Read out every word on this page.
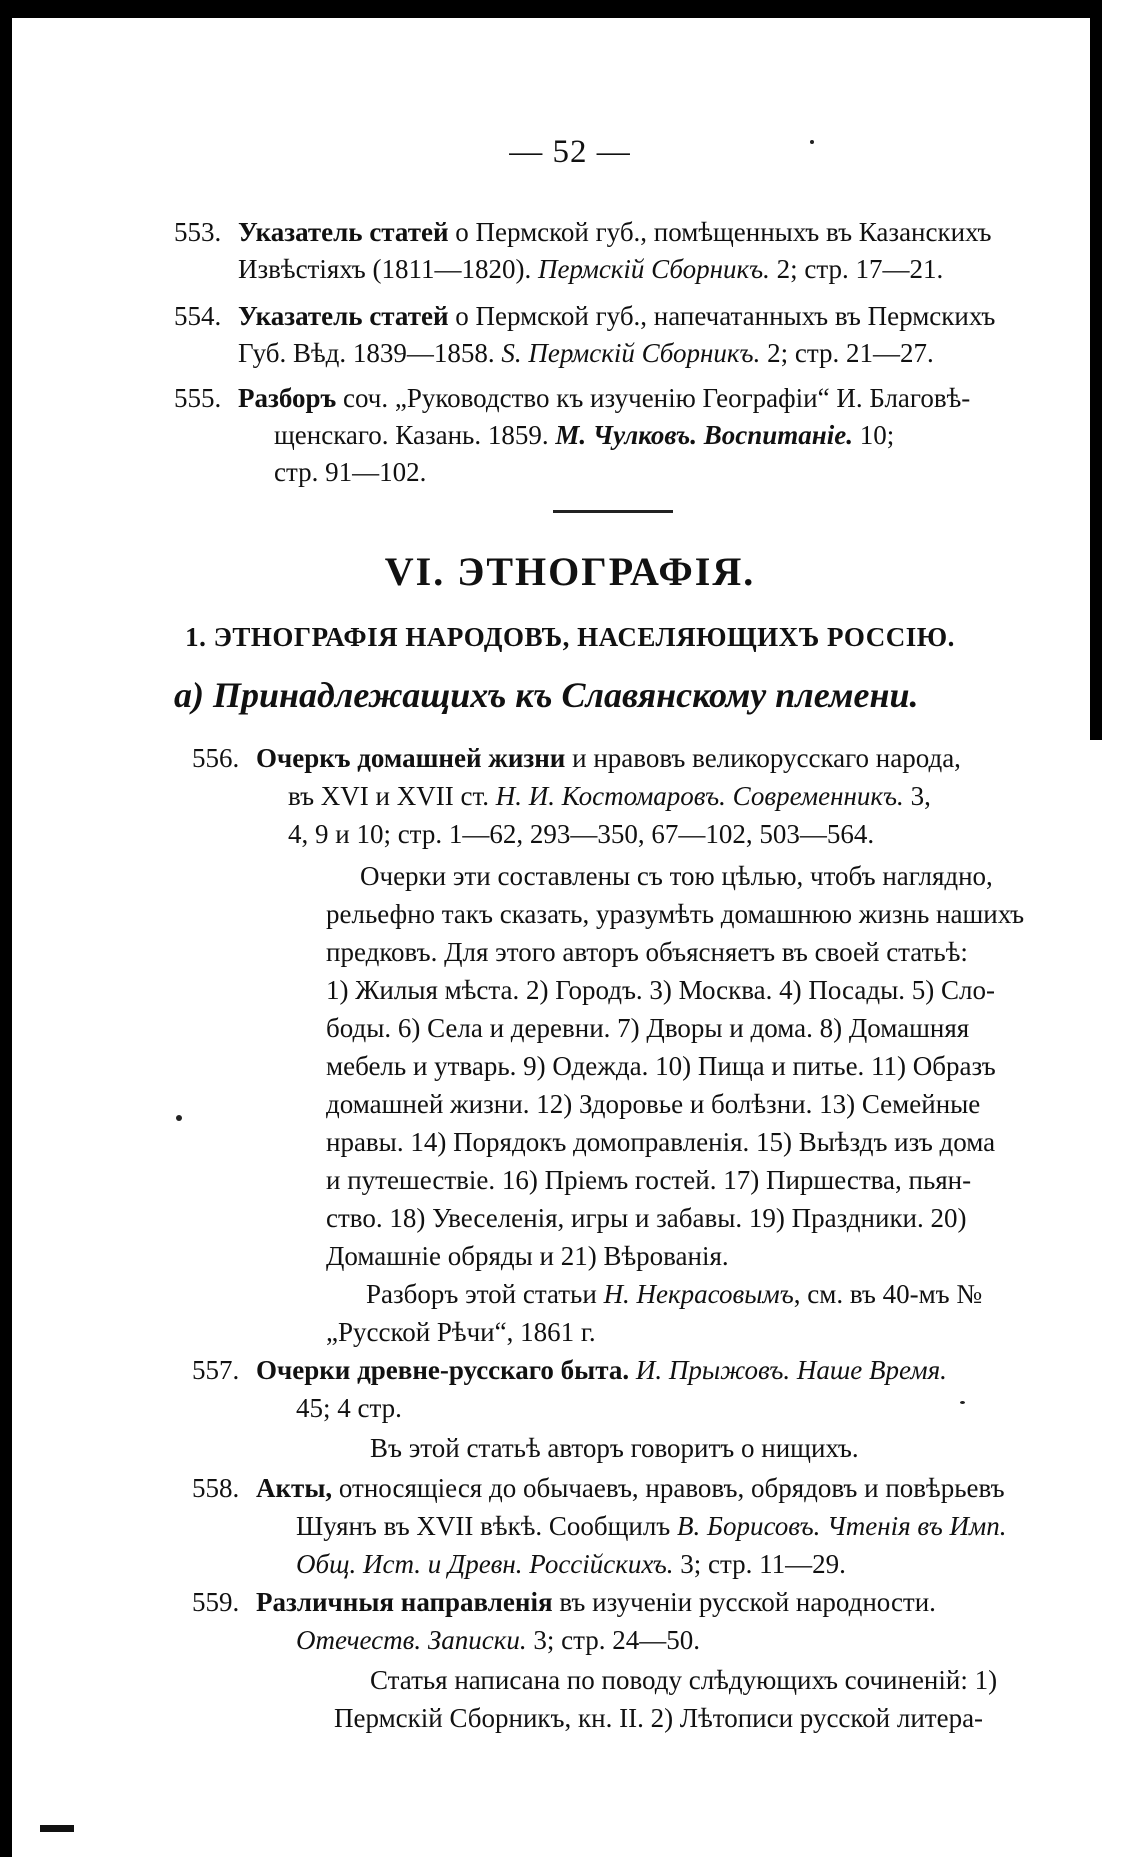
— 52 —
553. Указатель статей о Пермской губ., помѣщенныхъ въ Казанскихъ
Извѣстіяхъ (1811—1820). Пермскій Сборникъ. 2; стр. 17—21.
554. Указатель статей о Пермской губ., напечатанныхъ въ Пермскихъ
Губ. Вѣд. 1839—1858. S. Пермскій Сборникъ. 2; стр. 21—27.
555. Разборъ соч. „Руководство къ изученію Географіи“ И. Благовѣ-
щенскаго. Казань. 1859. М. Чулковъ. Воспитаніе. 10;
стр. 91—102.
VI. ЭТНОГРАФІЯ.
1. ЭТНОГРАФІЯ НАРОДОВЪ, НАСЕЛЯЮЩИХЪ РОССІЮ.
а) Принадлежащихъ къ Славянскому племени.
556. Очеркъ домашней жизни и нравовъ великорусскаго народа,
въ XVI и XVII ст. Н. И. Костомаровъ. Современникъ. 3,
4, 9 и 10; стр. 1—62, 293—350, 67—102, 503—564.
Очерки эти составлены съ тою цѣлью, чтобъ наглядно,
рельефно такъ сказать, уразумѣть домашнюю жизнь нашихъ
предковъ. Для этого авторъ объясняетъ въ своей статьѣ:
1) Жилыя мѣста. 2) Городъ. 3) Москва. 4) Посады. 5) Сло-
боды. 6) Села и деревни. 7) Дворы и дома. 8) Домашняя
мебель и утварь. 9) Одежда. 10) Пища и питье. 11) Образъ
домашней жизни. 12) Здоровье и болѣзни. 13) Семейные
нравы. 14) Порядокъ домоправленія. 15) Выѣздъ изъ дома
и путешествіе. 16) Пріемъ гостей. 17) Пиршества, пьян-
ство. 18) Увеселенія, игры и забавы. 19) Праздники. 20)
Домашніе обряды и 21) Вѣрованія.
Разборъ этой статьи Н. Некрасовымъ, см. въ 40-мъ №
„Русской Рѣчи“, 1861 г.
557. Очерки древне-русскаго быта. И. Прыжовъ. Наше Время.
45; 4 стр.
Въ этой статьѣ авторъ говоритъ о нищихъ.
558. Акты, относящіеся до обычаевъ, нравовъ, обрядовъ и повѣрьевъ
Шуянъ въ XVII вѣкѣ. Сообщилъ В. Борисовъ. Чтенія въ Имп.
Общ. Ист. и Древн. Россійскихъ. 3; стр. 11—29.
559. Различныя направленія въ изученіи русской народности.
Отечеств. Записки. 3; стр. 24—50.
Статья написана по поводу слѣдующихъ сочиненій: 1)
Пермскій Сборникъ, кн. II. 2) Лѣтописи русской литера-
